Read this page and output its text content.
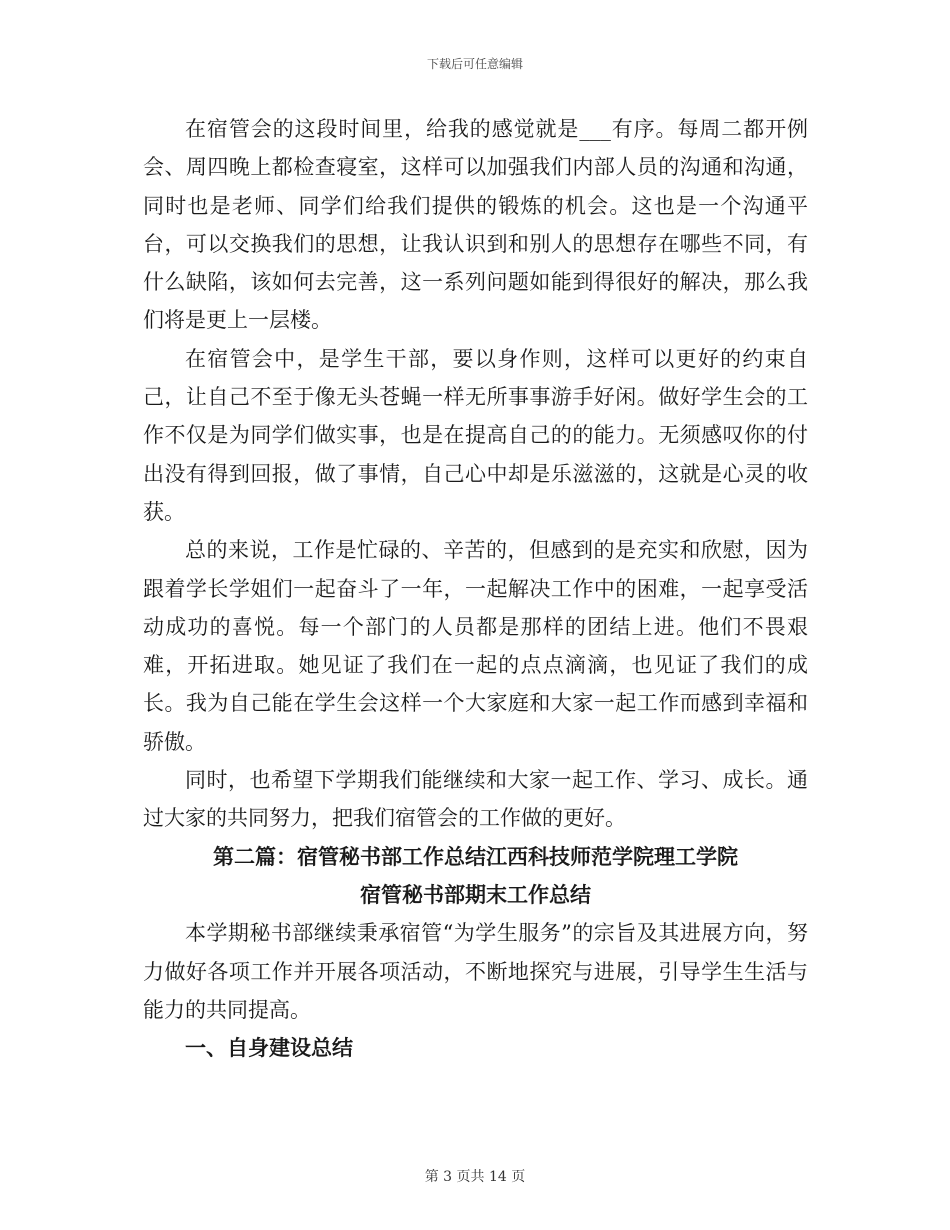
下载后可任意编辑

在宿管会的这段时间里，给我的感觉就是___有序。每周二都开例会、周四晚上都检查寝室，这样可以加强我们内部人员的沟通和沟通，同时也是老师、同学们给我们提供的锻炼的机会。这也是一个沟通平台，可以交换我们的思想，让我认识到和别人的思想存在哪些不同，有什么缺陷，该如何去完善，这一系列问题如能到得很好的解决，那么我们将是更上一层楼。

在宿管会中，是学生干部，要以身作则，这样可以更好的约束自己，让自己不至于像无头苍蝇一样无所事事游手好闲。做好学生会的工作不仅是为同学们做实事，也是在提高自己的的能力。无须感叹你的付出没有得到回报，做了事情，自己心中却是乐滋滋的，这就是心灵的收获。

总的来说，工作是忙碌的、辛苦的，但感到的是充实和欣慰，因为跟着学长学姐们一起奋斗了一年，一起解决工作中的困难，一起享受活动成功的喜悦。每一个部门的人员都是那样的团结上进。他们不畏艰难，开拓进取。她见证了我们在一起的点点滴滴，也见证了我们的成长。我为自己能在学生会这样一个大家庭和大家一起工作而感到幸福和骄傲。

同时，也希望下学期我们能继续和大家一起工作、学习、成长。通过大家的共同努力，把我们宿管会的工作做的更好。

第二篇：宿管秘书部工作总结江西科技师范学院理工学院
宿管秘书部期末工作总结

本学期秘书部继续秉承宿管“为学生服务”的宗旨及其进展方向，努力做好各项工作并开展各项活动，不断地探究与进展，引导学生生活与能力的共同提高。

一、自身建设总结
第 3 页共 14 页
